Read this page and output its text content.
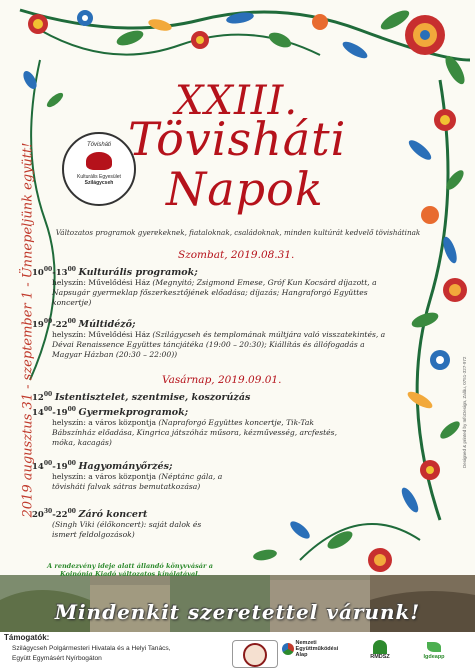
Tövisháti
Kulturális Egyesület
Szilágycseh
2019 augusztus 31 - szeptember 1 - Ünnepeljünk együtt!
XXIII.
Tövisháti
Napok
Változatos programok gyerekeknek, fiataloknak, családoknak, minden kultúrát kedvelő tövishátinak
Szombat, 2019.08.31.
$10^{00}-13^{00}$ Kulturális programok;
helyszín: Művelődési Ház (Megnyitó; Zsigmond Emese, Gróf Kun Kocsárd díjazott, a Napsugár gyermeklap főszerkesztőjének előadása; díjazás; Hangraforgó Együttes koncertje)
$19^{00}-22^{00}$ Múltidéző;
helyszín: Művelődési Ház (Szilágycseh és templomának múltjára való visszatekintés, a Dévai Renaissence Együttes táncjátéka (19:00 – 20:30); Kiállítás és állófogadás a Magyar Házban (20:30 – 22:00))
Vasárnap, 2019.09.01.
$12^{00}$ Istentisztelet, szentmise, koszorúzás
$14^{00}-19^{00}$ Gyermekprogramok;
helyszín: a város központja (Napraforgó Együttes koncertje, Tik-Tak Bábszínház előadása, Kingrica játszóház műsora, kézművesség, arcfestés, móka, kacagás)
$14^{00}-19^{00}$ Hagyományőrzés;
helyszín: a város központja (Néptánc gála, a tövisháti falvak sátras bemutatkozása)
$20^{30}-22^{00}$ Záró koncert
(Singh Viki (élőkoncert): saját dalok és ismert feldolgozások)
A rendezvény ideje alatt állandó könyvvásár a Koinónia Kiadó változatos kínálatával.
Mindenkit szeretettel várunk!
Designed & printed by InfoDesign, Zalău, 0751-327-972
Támogatók:
Szilágycseh Polgármesteri Hivatala és a Helyi Tanács,
Együtt Egymásért Nyírbogáton
Nemzeti Együttműködési Alap	RMDSZ	Igdeapp
